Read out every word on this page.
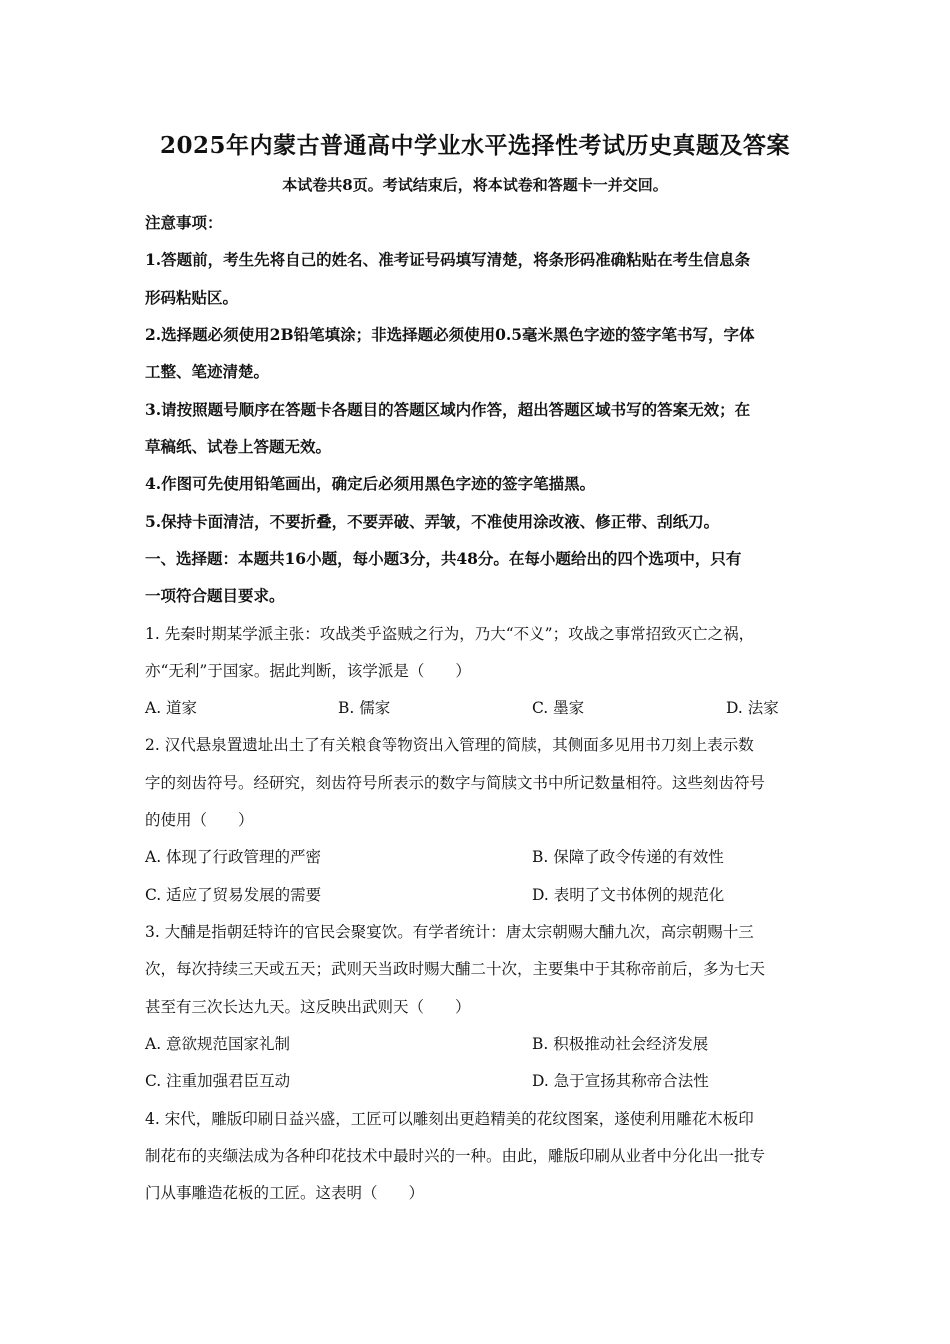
2025年内蒙古普通高中学业水平选择性考试历史真题及答案
本试卷共8页。考试结束后，将本试卷和答题卡一并交回。
注意事项：
1.答题前，考生先将自己的姓名、准考证号码填写清楚，将条形码准确粘贴在考生信息条
形码粘贴区。
2.选择题必须使用2B铅笔填涂；非选择题必须使用0.5毫米黑色字迹的签字笔书写，字体
工整、笔迹清楚。
3.请按照题号顺序在答题卡各题目的答题区域内作答，超出答题区域书写的答案无效；在
草稿纸、试卷上答题无效。
4.作图可先使用铅笔画出，确定后必须用黑色字迹的签字笔描黑。
5.保持卡面清洁，不要折叠，不要弄破、弄皱，不准使用涂改液、修正带、刮纸刀。
一、选择题：本题共16小题，每小题3分，共48分。在每小题给出的四个选项中，只有
一项符合题目要求。
1. 先秦时期某学派主张：攻战类乎盗贼之行为，乃大“不义”；攻战之事常招致灭亡之祸，
亦“无利”于国家。据此判断，该学派是（　　）
A. 道家	B. 儒家	C. 墨家	D. 法家
2. 汉代悬泉置遗址出土了有关粮食等物资出入管理的简牍，其侧面多见用书刀刻上表示数
字的刻齿符号。经研究，刻齿符号所表示的数字与简牍文书中所记数量相符。这些刻齿符号
的使用（　　）
A. 体现了行政管理的严密	B. 保障了政令传递的有效性
C. 适应了贸易发展的需要	D. 表明了文书体例的规范化
3. 大酺是指朝廷特许的官民会聚宴饮。有学者统计：唐太宗朝赐大酺九次，高宗朝赐十三
次，每次持续三天或五天；武则天当政时赐大酺二十次，主要集中于其称帝前后，多为七天
甚至有三次长达九天。这反映出武则天（　　）
A. 意欲规范国家礼制	B. 积极推动社会经济发展
C. 注重加强君臣互动	D. 急于宣扬其称帝合法性
4. 宋代，雕版印刷日益兴盛，工匠可以雕刻出更趋精美的花纹图案，遂使利用雕花木板印
制花布的夹缬法成为各种印花技术中最时兴的一种。由此，雕版印刷从业者中分化出一批专
门从事雕造花板的工匠。这表明（　　）
